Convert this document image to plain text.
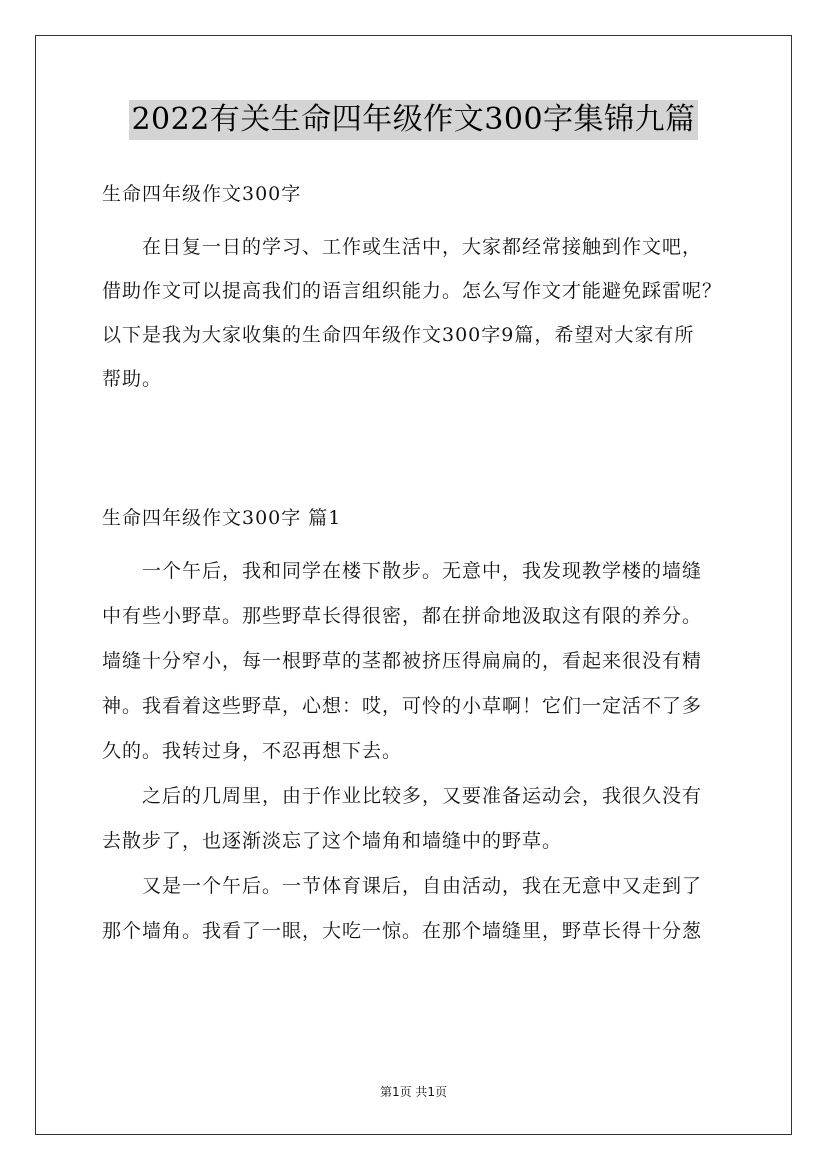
2022有关生命四年级作文300字集锦九篇
生命四年级作文300字
在日复一日的学习、工作或生活中，大家都经常接触到作文吧，
借助作文可以提高我们的语言组织能力。怎么写作文才能避免踩雷呢？
以下是我为大家收集的生命四年级作文300字9篇，希望对大家有所
帮助。
生命四年级作文300字 篇1
一个午后，我和同学在楼下散步。无意中，我发现教学楼的墙缝
中有些小野草。那些野草长得很密，都在拼命地汲取这有限的养分。
墙缝十分窄小，每一根野草的茎都被挤压得扁扁的，看起来很没有精
神。我看着这些野草，心想：哎，可怜的小草啊！它们一定活不了多
久的。我转过身，不忍再想下去。
之后的几周里，由于作业比较多，又要准备运动会，我很久没有
去散步了，也逐渐淡忘了这个墙角和墙缝中的野草。
又是一个午后。一节体育课后，自由活动，我在无意中又走到了
那个墙角。我看了一眼，大吃一惊。在那个墙缝里，野草长得十分葱
第1页 共1页
